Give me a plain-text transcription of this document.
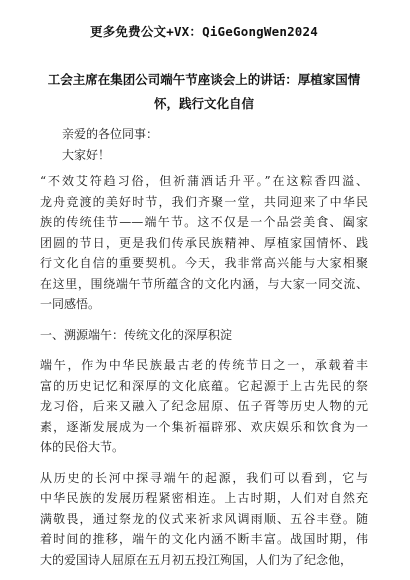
更多免费公文+VX：QiGeGongWen2024
工会主席在集团公司端午节座谈会上的讲话：厚植家国情
怀，践行文化自信
亲爱的各位同事：
大家好！
“不效艾符趋习俗，但祈蒲酒话升平。”在这粽香四溢、
龙舟竞渡的美好时节，我们齐聚一堂，共同迎来了中华民
族的传统佳节——端午节。这不仅是一个品尝美食、阖家
团圆的节日，更是我们传承民族精神、厚植家国情怀、践
行文化自信的重要契机。今天，我非常高兴能与大家相聚
在这里，围绕端午节所蕴含的文化内涵，与大家一同交流、
一同感悟。
一、溯源端午：传统文化的深厚积淀
端午，作为中华民族最古老的传统节日之一，承载着丰
富的历史记忆和深厚的文化底蕴。它起源于上古先民的祭
龙习俗，后来又融入了纪念屈原、伍子胥等历史人物的元
素，逐渐发展成为一个集祈福辟邪、欢庆娱乐和饮食为一
体的民俗大节。
从历史的长河中探寻端午的起源，我们可以看到，它与
中华民族的发展历程紧密相连。上古时期，人们对自然充
满敬畏，通过祭龙的仪式来祈求风调雨顺、五谷丰登。随
着时间的推移，端午的文化内涵不断丰富。战国时期，伟
大的爱国诗人屈原在五月初五投江殉国，人们为了纪念他，
